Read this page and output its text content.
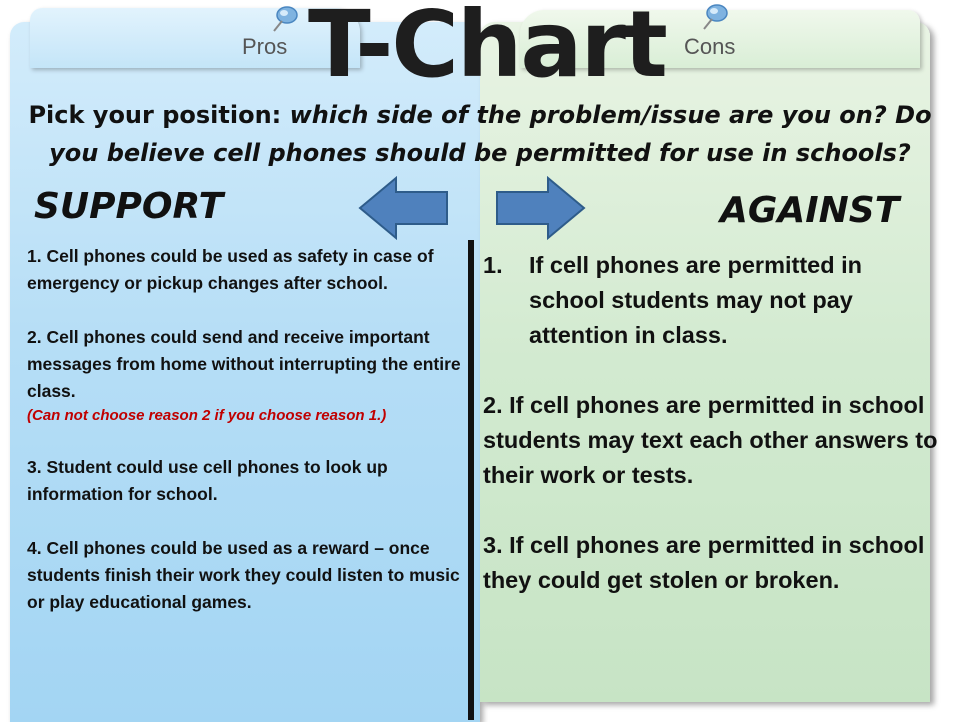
Pros	Cons
T-Chart
Pick your position: which side of the problem/issue are you on? Do you believe cell phones should be permitted for use in schools?
SUPPORT	AGAINST

1. Cell phones could be used as safety in case of emergency or pickup changes after school.

2. Cell phones could send and receive important messages from home without interrupting the entire class.
(Can not choose reason 2 if you choose reason 1.)

3. Student could use cell phones to look up information for school.

4. Cell phones could be used as a reward – once students finish their work they could listen to music or play educational games.

1.	If cell phones are permitted in school students may not pay attention in class.

2. If cell phones are permitted in school students may text each other answers to their work or tests.

3. If cell phones are permitted in school they could get stolen or broken.
